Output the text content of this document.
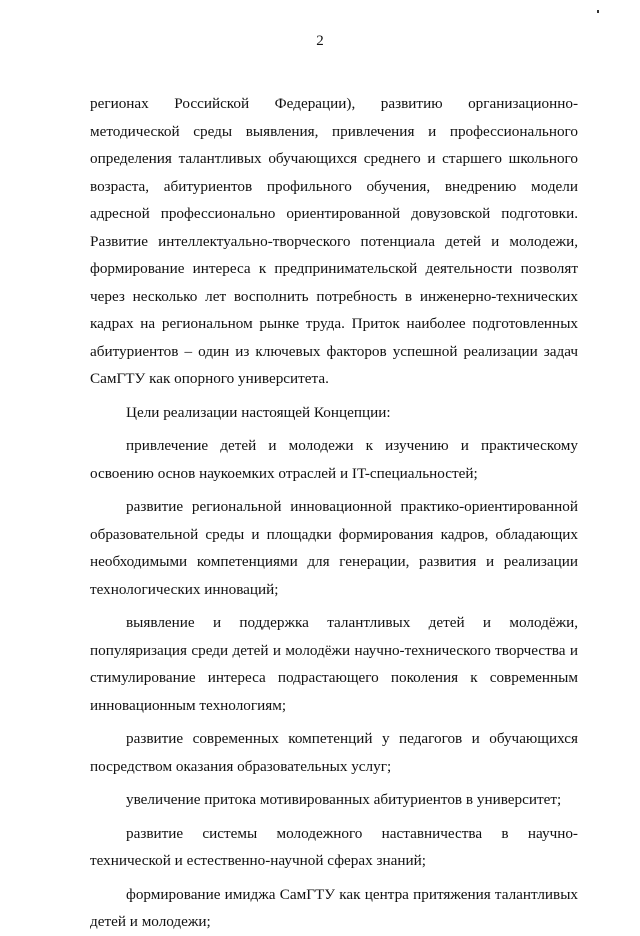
2

регионах Российской Федерации), развитию организационно-методической среды выявления, привлечения и профессионального определения талантливых обучающихся среднего и старшего школьного возраста, абитуриентов профильного обучения, внедрению модели адресной профессионально ориентированной довузовской подготовки. Развитие интеллектуально-творческого потенциала детей и молодежи, формирование интереса к предпринимательской деятельности позволят через несколько лет восполнить потребность в инженерно-технических кадрах на региональном рынке труда. Приток наиболее подготовленных абитуриентов – один из ключевых факторов успешной реализации задач СамГТУ как опорного университета.

Цели реализации настоящей Концепции:

привлечение детей и молодежи к изучению и практическому освоению основ наукоемких отраслей и IT-специальностей;

развитие региональной инновационной практико-ориентированной образовательной среды и площадки формирования кадров, обладающих необходимыми компетенциями для генерации, развития и реализации технологических инноваций;

выявление и поддержка талантливых детей и молодёжи, популяризация среди детей и молодёжи научно-технического творчества и стимулирование интереса подрастающего поколения к современным инновационным технологиям;

развитие современных компетенций у педагогов и обучающихся посредством оказания образовательных услуг;

увеличение притока мотивированных абитуриентов в университет;

развитие системы молодежного наставничества в научно-технической и естественно-научной сферах знаний;

формирование имиджа СамГТУ как центра притяжения талантливых детей и молодежи;
